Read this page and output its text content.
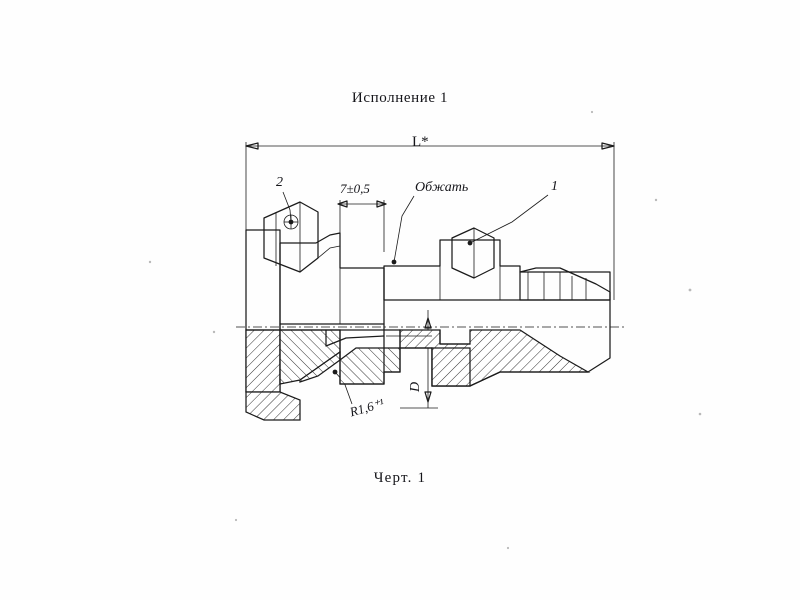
Исполнение 1
Черт. 1
L*
7±0,5	Обжать	1
2
R1,6⁺¹
D
